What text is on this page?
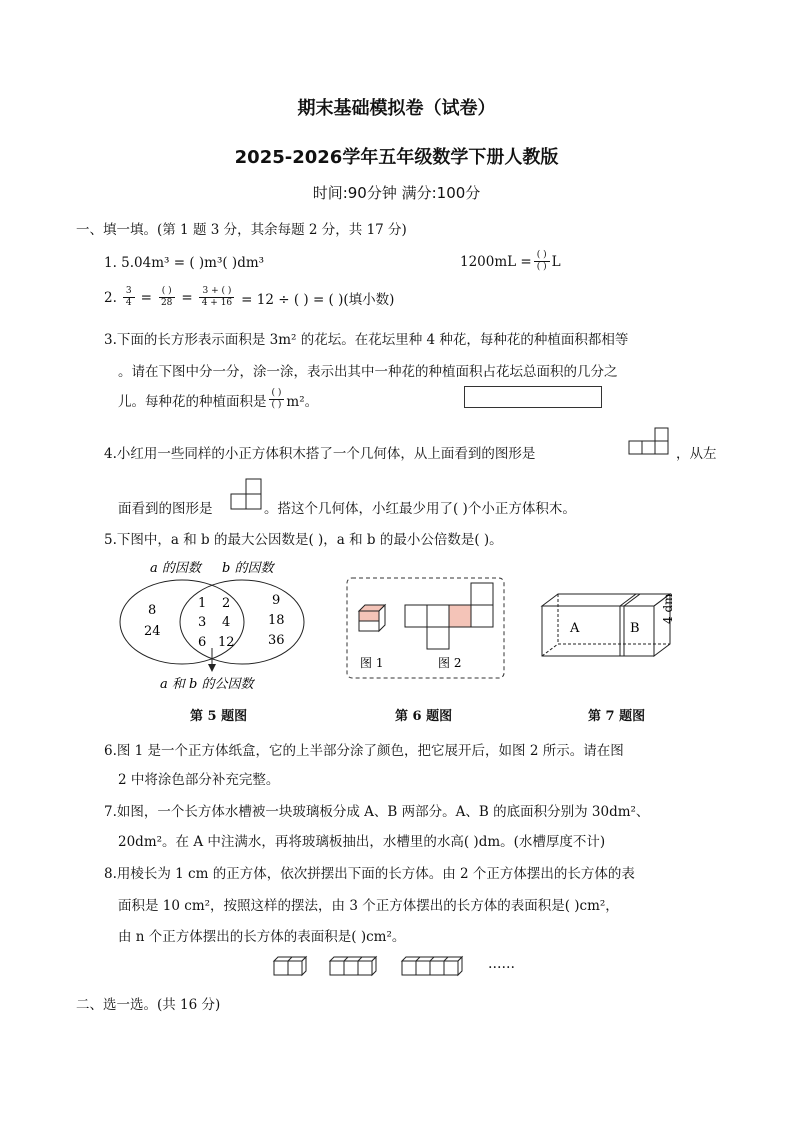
期末基础模拟卷（试卷）
2025-2026学年五年级数学下册人教版
时间:90分钟 满分:100分
一、填一填。(第 1 题 3 分，其余每题 2 分，共 17 分)
1. 5.04m³ = ( )m³( )dm³	$1200mL = \frac{( )}{( )}$ L
2. $\frac{3}{4} = \frac{( )}{28} = \frac{3 + ( )}{4 + 16} = 12$ ÷ ( ) = ( )(填小数)
3.下面的长方形表示面积是 3m² 的花坛。在花坛里种 4 种花，每种花的种植面积都相等
。请在下图中分一分，涂一涂，表示出其中一种花的种植面积占花坛总面积的几分之
儿。每种花的种植面积是 $\frac{( )}{( )} m^2$。
4.小红用一些同样的小正方体积木搭了一个几何体，从上面看到的图形是	，从左
面看到的图形是	。搭这个几何体，小红最少用了( )个小正方体积木。
5.下图中，a 和 b 的最大公因数是( )，a 和 b 的最小公倍数是( )。
a 的因数 b 的因数
8
24
1 2
3 4
6 12
9
18
36
a 和 b 的公因数
图 1	图 2
A	B
4 dm
第 5 题图	第 6 题图	第 7 题图
6.图 1 是一个正方体纸盒，它的上半部分涂了颜色，把它展开后，如图 2 所示。请在图
2 中将涂色部分补充完整。
7.如图，一个长方体水槽被一块玻璃板分成 A、B 两部分。A、B 的底面积分别为 30dm²、
20dm²。在 A 中注满水，再将玻璃板抽出，水槽里的水高( )dm。(水槽厚度不计)
8.用棱长为 1 cm 的正方体，依次拼摆出下面的长方体。由 2 个正方体摆出的长方体的表
面积是 10 cm²，按照这样的摆法，由 3 个正方体摆出的长方体的表面积是( )cm²，
由 n 个正方体摆出的长方体的表面积是( )cm²。
……
二、选一选。(共 16 分)
